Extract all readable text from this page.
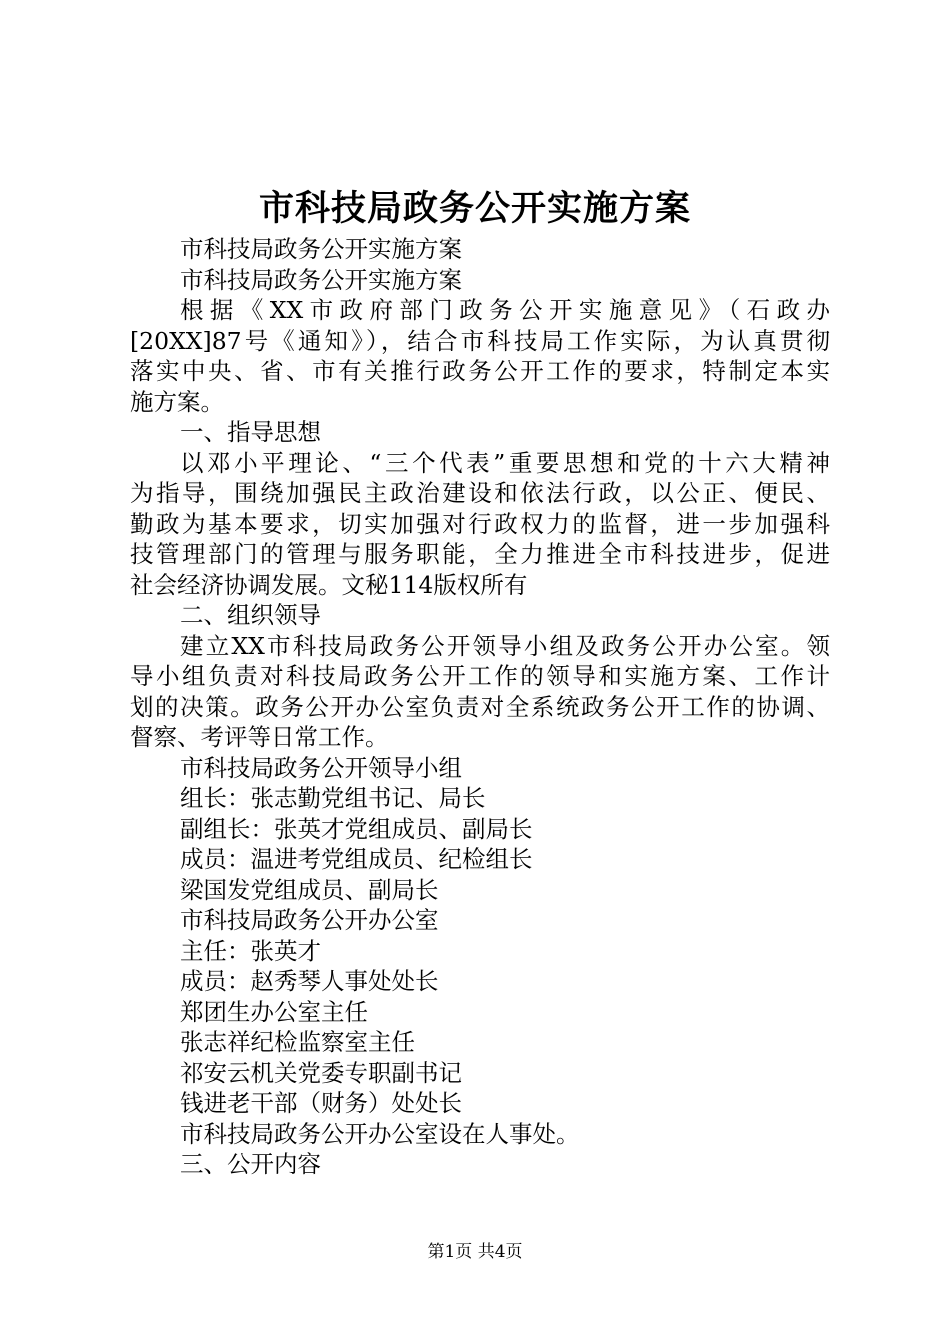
市科技局政务公开实施方案

市科技局政务公开实施方案

市科技局政务公开实施方案

根据《XX市政府部门政务公开实施意见》（石政办

[20XX]87号《通知》），结合市科技局工作实际，为认真贯彻

落实中央、省、市有关推行政务公开工作的要求，特制定本实

施方案。

一、指导思想

以邓小平理论、“三个代表”重要思想和党的十六大精神

为指导，围绕加强民主政治建设和依法行政，以公正、便民、

勤政为基本要求，切实加强对行政权力的监督，进一步加强科

技管理部门的管理与服务职能，全力推进全市科技进步，促进

社会经济协调发展。文秘114版权所有

二、组织领导

建立XX市科技局政务公开领导小组及政务公开办公室。领

导小组负责对科技局政务公开工作的领导和实施方案、工作计

划的决策。政务公开办公室负责对全系统政务公开工作的协调、

督察、考评等日常工作。

市科技局政务公开领导小组

组长：张志勤党组书记、局长

副组长：张英才党组成员、副局长

成员：温进考党组成员、纪检组长

梁国发党组成员、副局长

市科技局政务公开办公室

主任：张英才

成员：赵秀琴人事处处长

郑团生办公室主任

张志祥纪检监察室主任

祁安云机关党委专职副书记

钱进老干部（财务）处处长

市科技局政务公开办公室设在人事处。

三、公开内容

第1页 共4页
